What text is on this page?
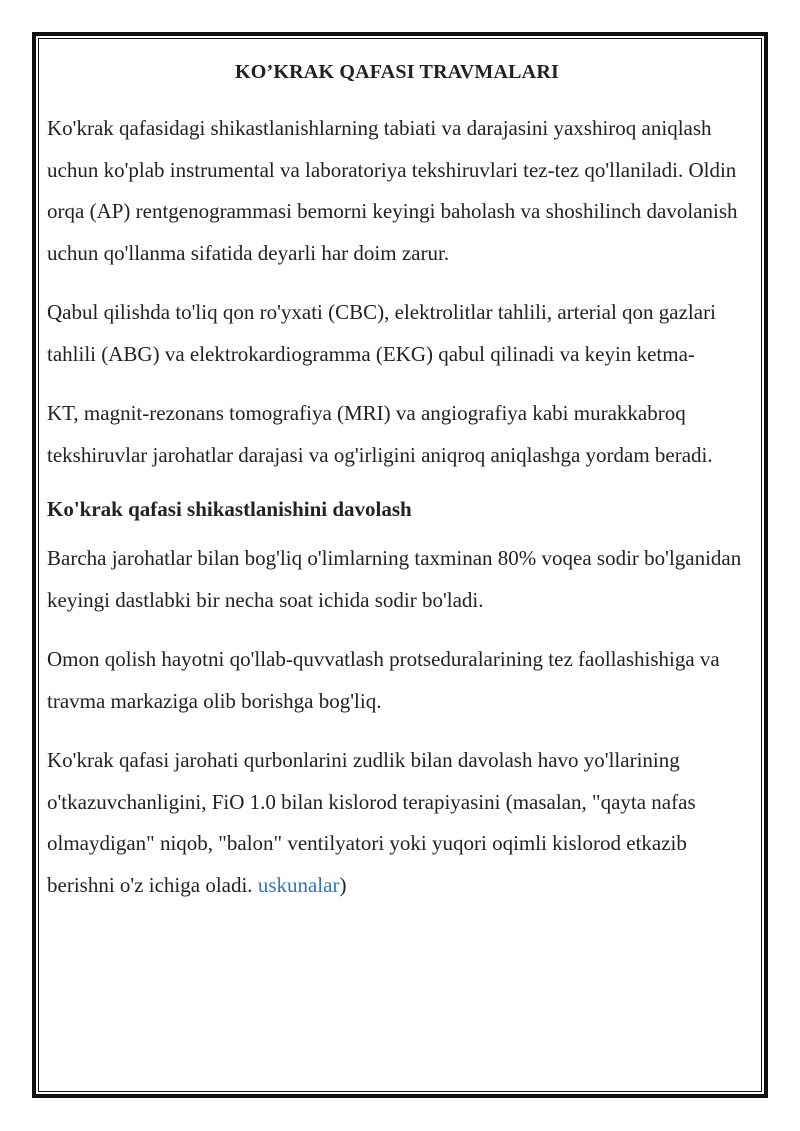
KO’KRAK QAFASI TRAVMALARI

Ko'krak qafasidagi shikastlanishlarning tabiati va darajasini yaxshiroq aniqlash uchun ko'plab instrumental va laboratoriya tekshiruvlari tez-tez qo'llaniladi. Oldin orqa (AP) rentgenogrammasi bemorni keyingi baholash va shoshilinch davolanish uchun qo'llanma sifatida deyarli har doim zarur.

Qabul qilishda to'liq qon ro'yxati (CBC), elektrolitlar tahlili, arterial qon gazlari tahlili (ABG) va elektrokardiogramma (EKG) qabul qilinadi va keyin ketma-

KT, magnit-rezonans tomografiya (MRI) va angiografiya kabi murakkabroq tekshiruvlar jarohatlar darajasi va og'irligini aniqroq aniqlashga yordam beradi.

Ko'krak qafasi shikastlanishini davolash

Barcha jarohatlar bilan bog'liq o'limlarning taxminan 80% voqea sodir bo'lganidan keyingi dastlabki bir necha soat ichida sodir bo'ladi.

Omon qolish hayotni qo'llab-quvvatlash protseduralarining tez faollashishiga va travma markaziga olib borishga bog'liq.

Ko'krak qafasi jarohati qurbonlarini zudlik bilan davolash havo yo'llarining o'tkazuvchanligini, FiO 1.0 bilan kislorod terapiyasini (masalan, "qayta nafas olmaydigan" niqob, "balon" ventilyatori yoki yuqori oqimli kislorod etkazib berishni o'z ichiga oladi. uskunalar)
